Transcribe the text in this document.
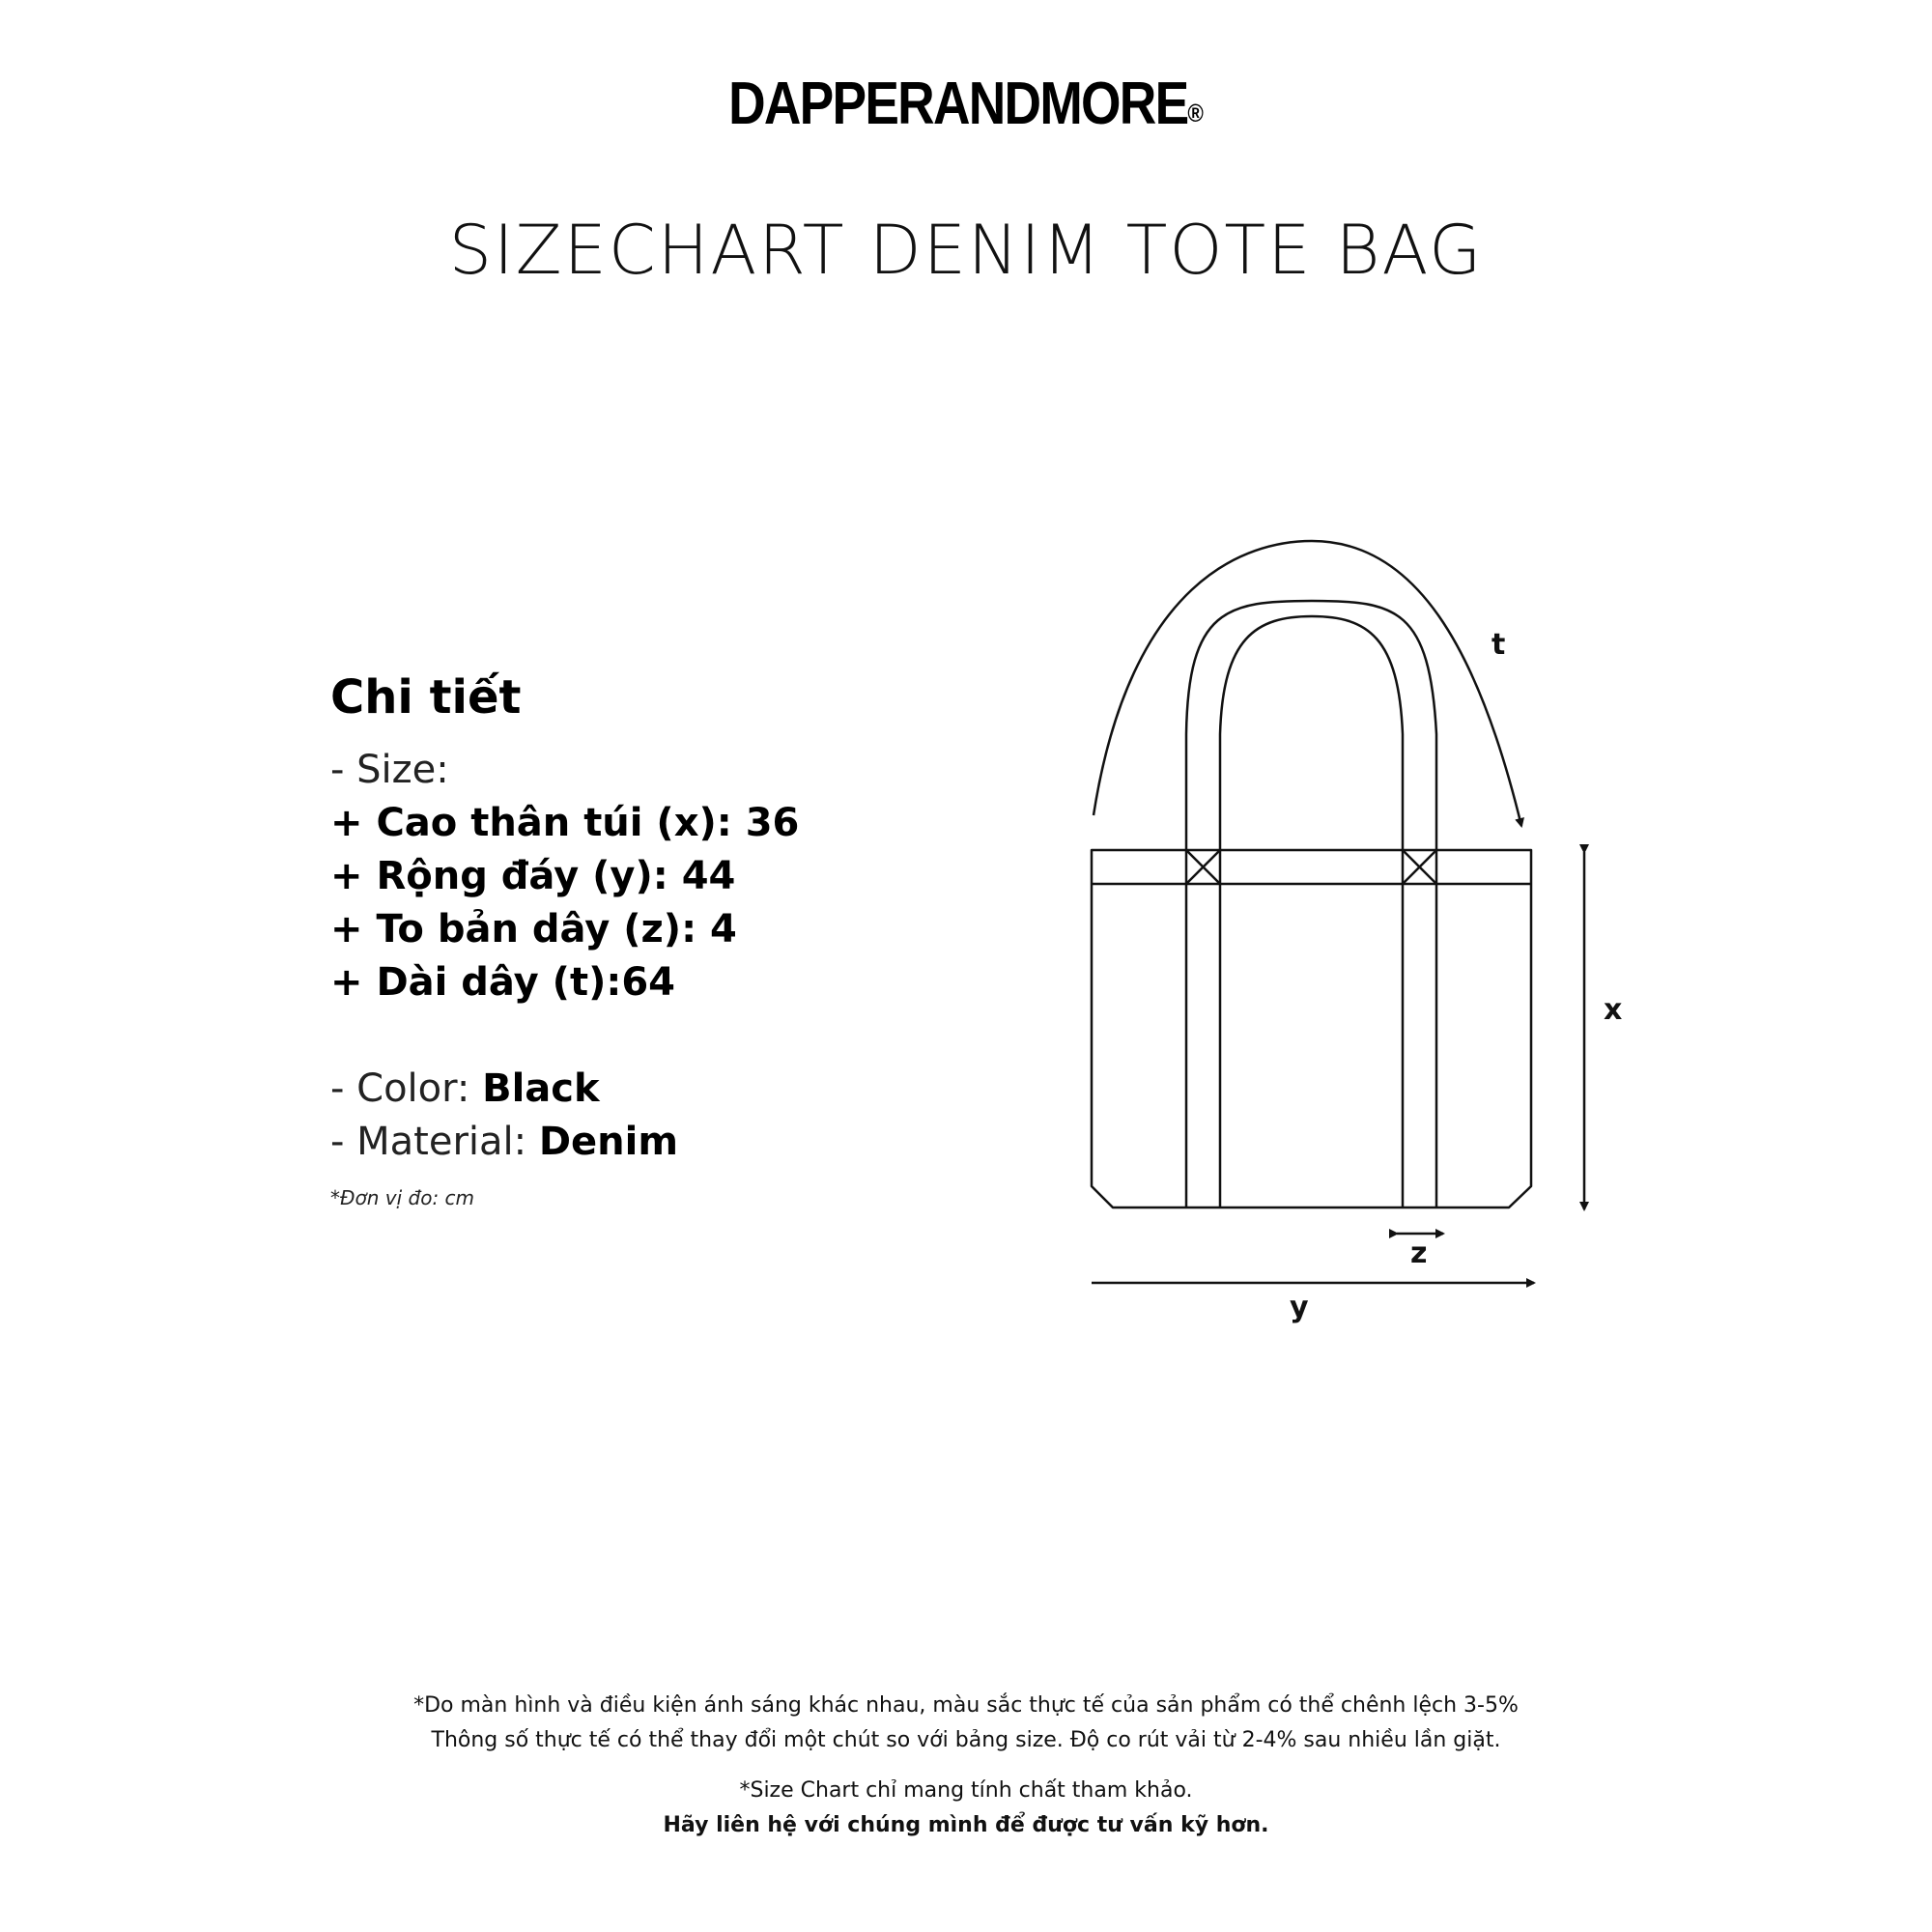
DAPPERANDMORE®
SIZECHART DENIM TOTE BAG
Chi tiết
- Size:
+ Cao thân túi (x): 36
+ Rộng đáy (y): 44
+ To bản dây (z): 4
+ Dài dây (t):64
- Color: Black
- Material: Denim
*Đơn vị đo: cm
t
x
y
z
*Do màn hình và điều kiện ánh sáng khác nhau, màu sắc thực tế của sản phẩm có thể chênh lệch 3-5%
Thông số thực tế có thể thay đổi một chút so với bảng size. Độ co rút vải từ 2-4% sau nhiều lần giặt.
*Size Chart chỉ mang tính chất tham khảo.
Hãy liên hệ với chúng mình để được tư vấn kỹ hơn.
